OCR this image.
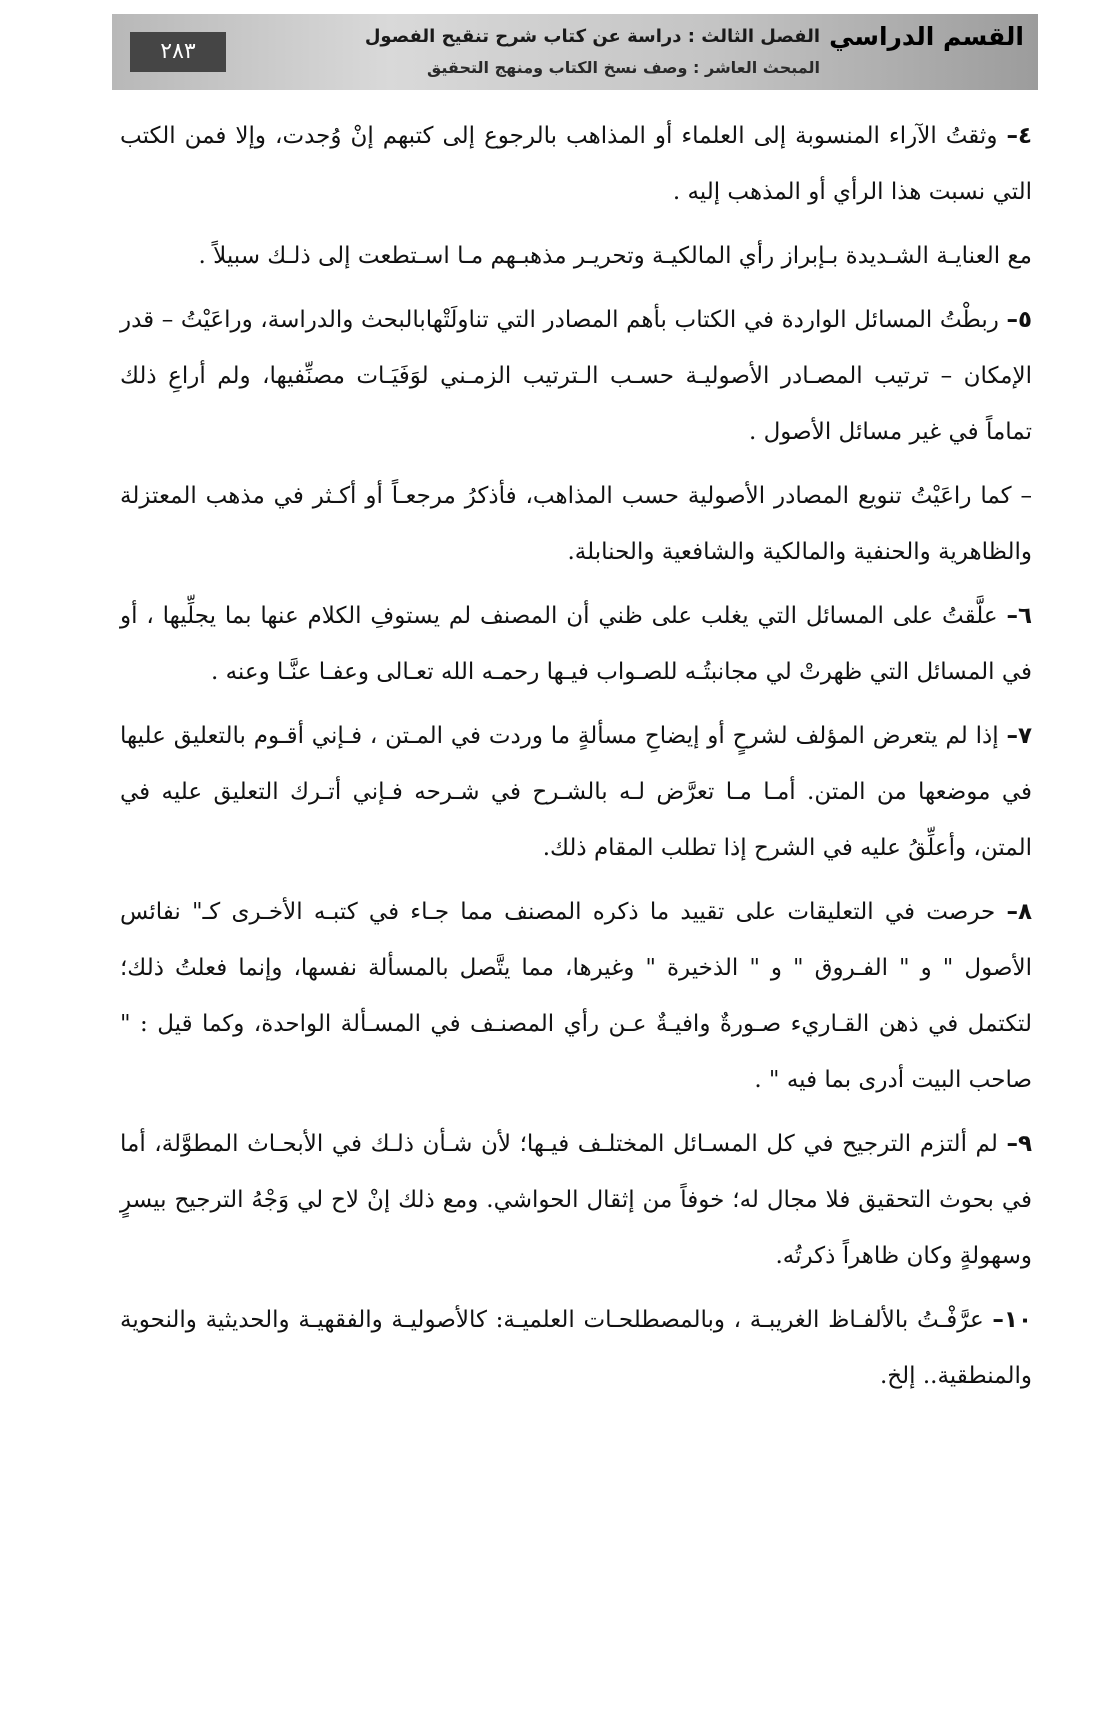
القسم الدراسي
الفصل الثالث : دراسة عن كتاب شرح تنقيح الفصول
المبحث العاشر : وصف نسخ الكتاب ومنهج التحقيق
٢٨٣

٤– وثقتُ الآراء المنسوبة إلى العلماء أو المذاهب بالرجوع إلى كتبهم إنْ وُجدت، وإلا فمن الكتب التي نسبت هذا الرأي أو المذهب إليه .

مع العنايـة الشـديدة بـإبراز رأي المالكيـة وتحريـر مذهبـهم مـا اسـتطعت إلى ذلـك سبيلاً .

٥– ربطْتُ المسائل الواردة في الكتاب بأهم المصادر التي تناولَتْهابالبحث والدراسة، وراعَيْتُ – قدر الإمكان – ترتيب المصـادر الأصوليـة حسـب الـترتيب الزمـني لوَفَيَـات مصنِّفيها، ولم أراعِ ذلك تماماً في غير مسائل الأصول .

– كما راعَيْتُ تنويع المصادر الأصولية حسب المذاهب، فأذكرُ مرجعـاً أو أكـثر في مذهب المعتزلة والظاهرية والحنفية والمالكية والشافعية والحنابلة.

٦– علَّقتُ على المسائل التي يغلب على ظني أن المصنف لم يستوفِ الكلام عنها بما يجلِّيها ، أو في المسائل التي ظهرتْ لي مجانبتُـه للصـواب فيـها رحمـه الله تعـالى وعفـا عنَّـا وعنه .

٧– إذا لم يتعرض المؤلف لشرحٍ أو إيضاحِ مسألةٍ ما وردت في المـتن ، فـإني أقـوم بالتعليق عليها في موضعها من المتن. أمـا مـا تعرَّض لـه بالشـرح في شـرحه فـإني أتـرك التعليق عليه في المتن، وأعلِّقُ عليه في الشرح إذا تطلب المقام ذلك.

٨– حرصت في التعليقات على تقييد ما ذكره المصنف مما جـاء في كتبـه الأخـرى كـ" نفائس الأصول " و " الفـروق " و " الذخيرة " وغيرها، مما يتَّصل بالمسألة نفسها، وإنما فعلتُ ذلك؛ لتكتمل في ذهن القـاريء صـورةٌ وافيـةٌ عـن رأي المصنـف في المسـألة الواحدة، وكما قيل : " صاحب البيت أدرى بما فيه " .

٩– لم ألتزم الترجيح في كل المسـائل المختلـف فيـها؛ لأن شـأن ذلـك في الأبحـاث المطوَّلة، أما في بحوث التحقيق فلا مجال له؛ خوفاً من إثقال الحواشي. ومع ذلك إنْ لاح لي وَجْهُ الترجيح بيسرٍ وسهولةٍ وكان ظاهراً ذكرتُه.

١٠– عرَّفْـتُ بالألفـاظ الغريبـة ، وبالمصطلحـات العلميـة: كالأصوليـة والفقهيـة والحديثية والنحوية والمنطقية.. إلخ.
